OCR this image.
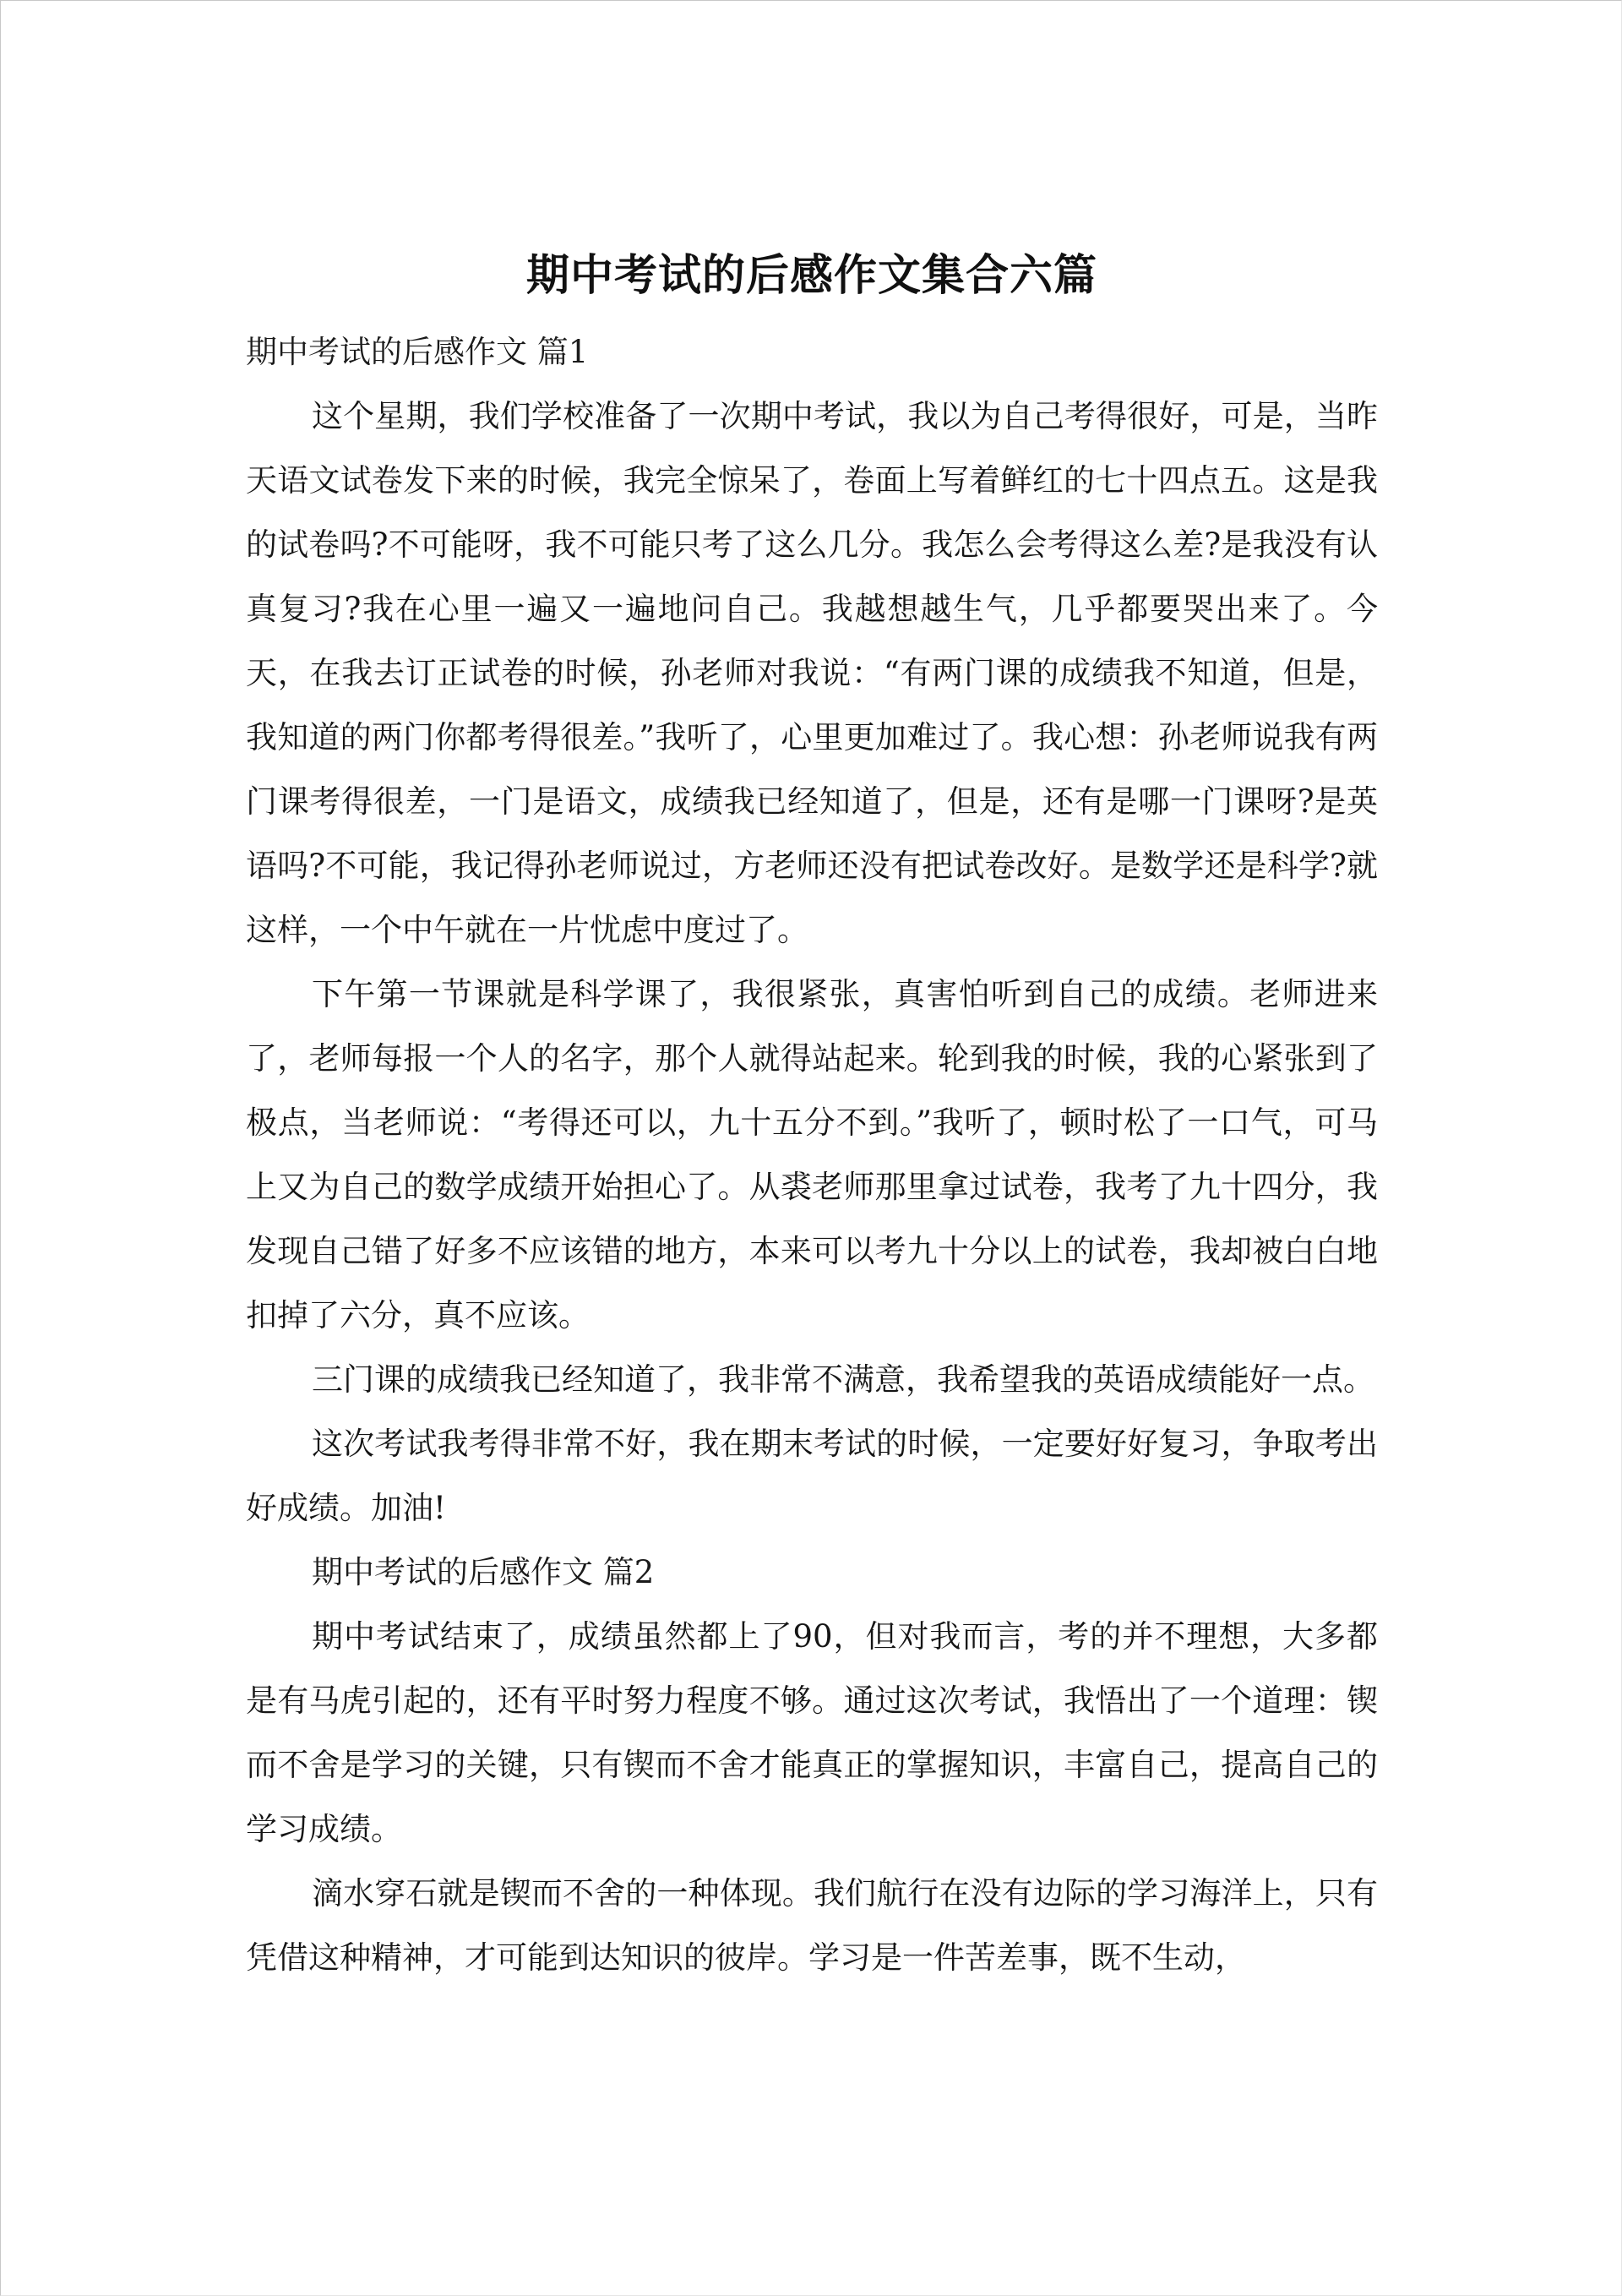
期中考试的后感作文集合六篇
期中考试的后感作文 篇1

这个星期，我们学校准备了一次期中考试，我以为自己考得很好，可是，当昨天语文试卷发下来的时候，我完全惊呆了，卷面上写着鲜红的七十四点五。这是我的试卷吗?不可能呀，我不可能只考了这么几分。我怎么会考得这么差?是我没有认真复习?我在心里一遍又一遍地问自己。我越想越生气，几乎都要哭出来了。今天，在我去订正试卷的时候，孙老师对我说：“有两门课的成绩我不知道，但是，我知道的两门你都考得很差。”我听了，心里更加难过了。我心想：孙老师说我有两门课考得很差，一门是语文，成绩我已经知道了，但是，还有是哪一门课呀?是英语吗?不可能，我记得孙老师说过，方老师还没有把试卷改好。是数学还是科学?就这样，一个中午就在一片忧虑中度过了。

下午第一节课就是科学课了，我很紧张，真害怕听到自己的成绩。老师进来了，老师每报一个人的名字，那个人就得站起来。轮到我的时候，我的心紧张到了极点，当老师说：“考得还可以，九十五分不到。”我听了，顿时松了一口气，可马上又为自己的数学成绩开始担心了。从裘老师那里拿过试卷，我考了九十四分，我发现自己错了好多不应该错的地方，本来可以考九十分以上的试卷，我却被白白地扣掉了六分，真不应该。

三门课的成绩我已经知道了，我非常不满意，我希望我的英语成绩能好一点。

这次考试我考得非常不好，我在期末考试的时候，一定要好好复习，争取考出好成绩。加油!

期中考试的后感作文 篇2

期中考试结束了，成绩虽然都上了90，但对我而言，考的并不理想，大多都是有马虎引起的，还有平时努力程度不够。通过这次考试，我悟出了一个道理：锲而不舍是学习的关键，只有锲而不舍才能真正的掌握知识，丰富自己，提高自己的学习成绩。

滴水穿石就是锲而不舍的一种体现。我们航行在没有边际的学习海洋上，只有凭借这种精神，才可能到达知识的彼岸。学习是一件苦差事，既不生动，
